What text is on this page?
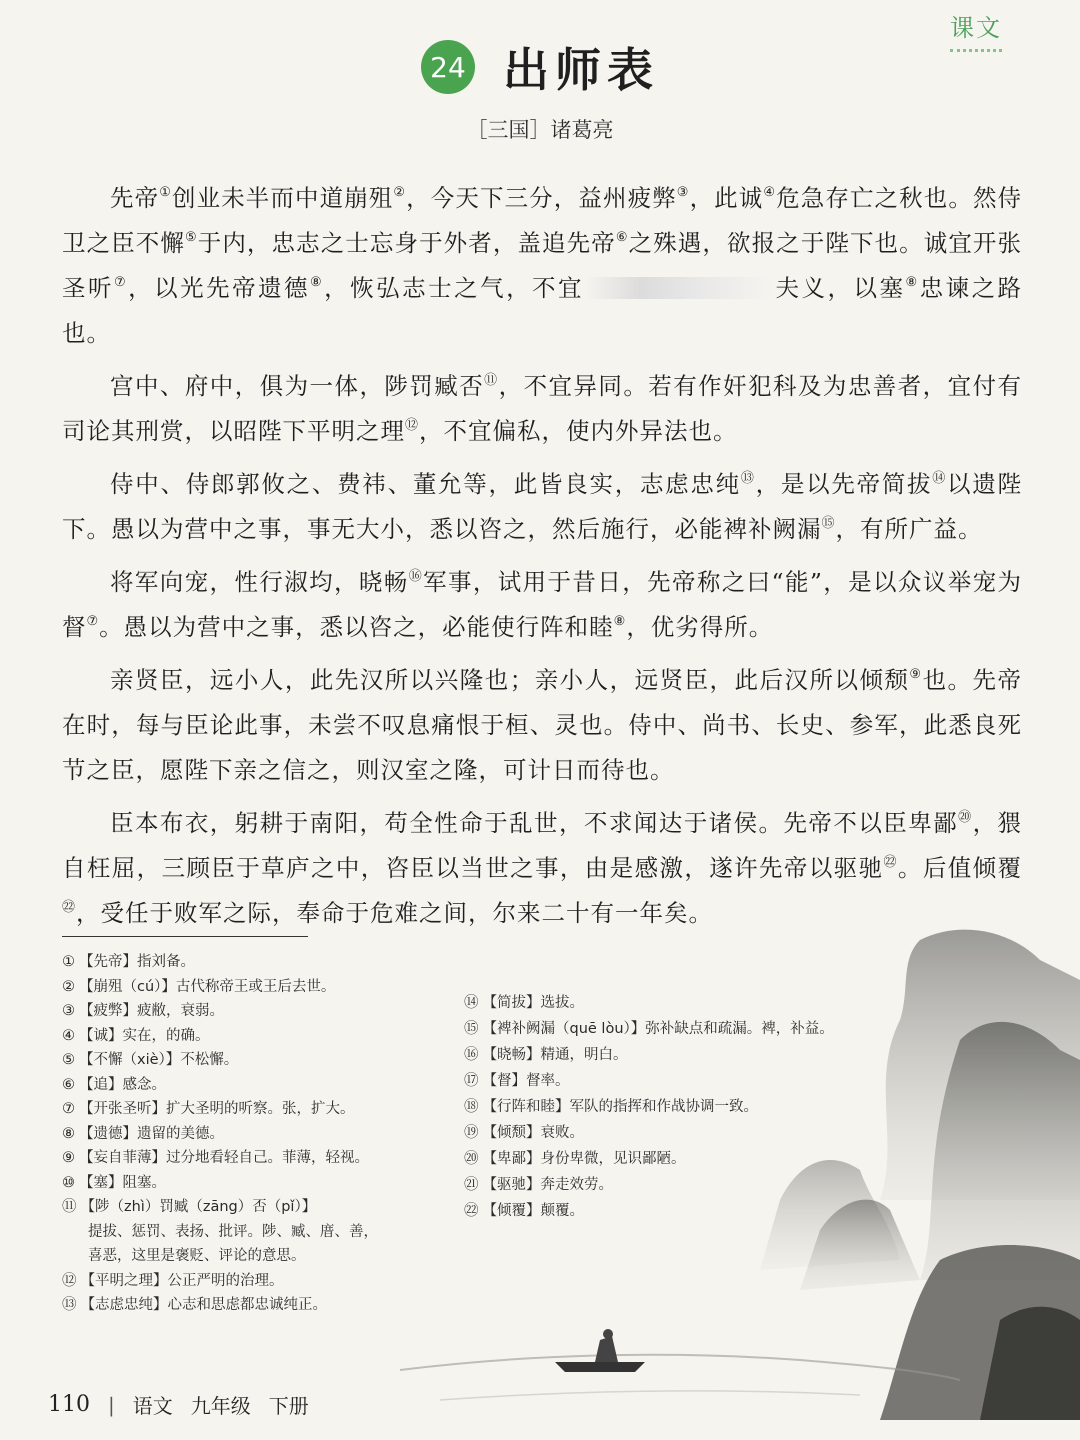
课文
24 出师表
［三国］诸葛亮

先帝①创业未半而中道崩殂②，今天下三分，益州疲弊③，此诚④危急存亡之秋也。然侍卫之臣不懈⑤于内，忠志之士忘身于外者，盖追先帝⑥之殊遇，欲报之于陛下也。诚宜开张圣听⑦，以光先帝遗德⑧，恢弘志士之气，不宜	夫义，以塞⑧忠谏之路也。

宫中、府中，俱为一体，陟罚臧否⑪，不宜异同。若有作奸犯科及为忠善者，宜付有司论其刑赏，以昭陛下平明之理⑫，不宜偏私，使内外异法也。

侍中、侍郎郭攸之、费祎、董允等，此皆良实，志虑忠纯⑬，是以先帝简拔⑭以遗陛下。愚以为营中之事，事无大小，悉以咨之，然后施行，必能裨补阙漏⑮，有所广益。

将军向宠，性行淑均，晓畅⑯军事，试用于昔日，先帝称之曰“能”，是以众议举宠为督⑦。愚以为营中之事，悉以咨之，必能使行阵和睦⑧，优劣得所。

亲贤臣，远小人，此先汉所以兴隆也；亲小人，远贤臣，此后汉所以倾颓⑨也。先帝在时，每与臣论此事，未尝不叹息痛恨于桓、灵也。侍中、尚书、长史、参军，此悉良死节之臣，愿陛下亲之信之，则汉室之隆，可计日而待也。

臣本布衣，躬耕于南阳，苟全性命于乱世，不求闻达于诸侯。先帝不以臣卑鄙⑳，猥自枉屈，三顾臣于草庐之中，咨臣以当世之事，由是感激，遂许先帝以驱驰$^㉒$。后值倾覆$^㉒$，受任于败军之际，奉命于危难之间，尔来二十有一年矣。

① 【先帝】指刘备。
② 【崩殂（cú）】古代称帝王或王后去世。
③ 【疲弊】疲敝，衰弱。
④ 【诚】实在，的确。
⑤ 【不懈（xiè）】不松懈。
⑥ 【追】感念。
⑦ 【开张圣听】扩大圣明的听察。张，扩大。
⑧ 【遗德】遗留的美德。
⑨ 【妄自菲薄】过分地看轻自己。菲薄，轻视。
⑩ 【塞】阻塞。
⑪ 【陟（zhì）罚臧（zāng）否（pǐ）】
提拔、惩罚、表扬、批评。陟、臧、庴、善，
喜恶，这里是褒贬、评论的意思。
⑫ 【平明之理】公正严明的治理。
⑬ 【志虑忠纯】心志和思虑都忠诚纯正。
⑭ 【简拔】选拔。
⑮ 【裨补阙漏（quē lòu）】弥补缺点和疏漏。裨，补益。
⑯ 【晓畅】精通，明白。
⑰ 【督】督率。
⑱ 【行阵和睦】军队的指挥和作战协调一致。
⑲ 【倾颓】衰败。
⑳ 【卑鄙】身份卑微，见识鄙陋。
㉑ 【驱驰】奔走效劳。
㉒ 【倾覆】颠覆。
110 | 语文 九年级 下册
